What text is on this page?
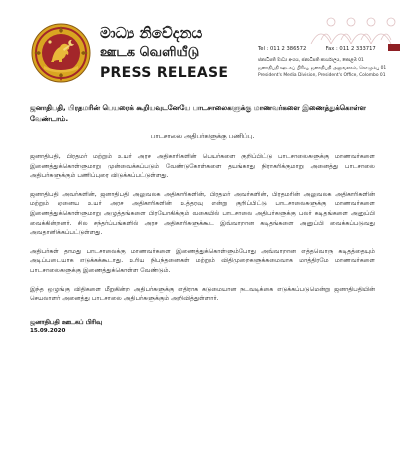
මාධ්‍ය නිවේදනය
ஊடக வெளியீடு
PRESS RELEASE
Tel : 011 2 386572	Fax : 011 2 333717
ජනාධිපති මාධ්‍ය අංශය, ජනාධිපති කාර්යාලය, කොළඹ 01
ஜனாதிபதி ஊடகப் பிரிவு, ஜனாதிபதி அலுவலகம், கொழும்பு 01
President's Media Division, President's Office, Colombo 01
ஜனாதிபதி, பிரதமரின் பெயரைக் கூறியவுடனேயே பாடசாலைகளுக்கு மாணவர்களை இணைத்துக்கொள்ள வேண்டாம்.
பாடசாலை அதிபர்களுக்கு பணிப்பு.
ஜனாதிபதி, பிரதமர் மற்றும் உயர் அரச அதிகாரிகளின் பெயர்களை குறிப்பிட்டு பாடசாலைகளுக்கு மாணவர்களை இணைத்துக்கொள்ளுமாறு முன்வைக்கப்படும் வேண்டுகோள்களை தயங்காது நிராகரிக்குமாறு அனைத்து பாடசாலை அதிபர்களுக்கும் பணிப்புரை விடுக்கப்பட்டுள்ளது.
ஜனாதிபதி அவர்களின், ஜனாதிபதி அலுவலக அதிகாரிகளின், பிரதமர் அவர்களின், பிரதமரின் அலுவலக அதிகாரிகளின் மற்றும் ஏனைய உயர் அரச அதிகாரிகளின் உத்தரவு என்று குறிப்பிட்டு பாடசாலைகளுக்கு மாணவர்களை இணைத்துக்கொள்ளுமாறு அழுத்தங்களை பிரயோகிக்கும் வகையில் பாடசாலை அதிபர்களுக்கு பலர் கடிதங்களை அனுப்பி வைக்கின்றனர். சில சந்தர்ப்பங்களில் அரச அதிகாரிகளுக்கூட இவ்வாறான கடிதங்களை அனுப்பி வைக்கப்படுவது அவதானிக்கப்பட்டுள்ளது.
அதிபர்கள் தாமது பாடசாலைக்கு மாணவர்களை இணைத்துக்கொள்ளும்போது அவ்வாறான எத்தவொரு கடிதத்தையும் அடிப்படையாக எடுக்கக்கூடாது. உரிய நிபந்தனைகள் மற்றும் விதிமுறைகளுக்கமைவாக மாத்திரமே மாணவர்களை பாடசாலைகளுக்கு இணைத்துக்கொள்ள வேண்டும்.
இந்த ஒழுங்கு விதிகளை மீறுகின்ற அதிபர்களுக்கு எதிராக கடுமையான நடவடிக்கை எடுக்கப்படுமென்று ஜனாதிபதியின் செயலாளர் அனைத்து பாடசாலை அதிபர்களுக்கும் அறிவித்துள்ளார்.
ஜனாதிபதி ஊடகப் பிரிவு
15.09.2020
